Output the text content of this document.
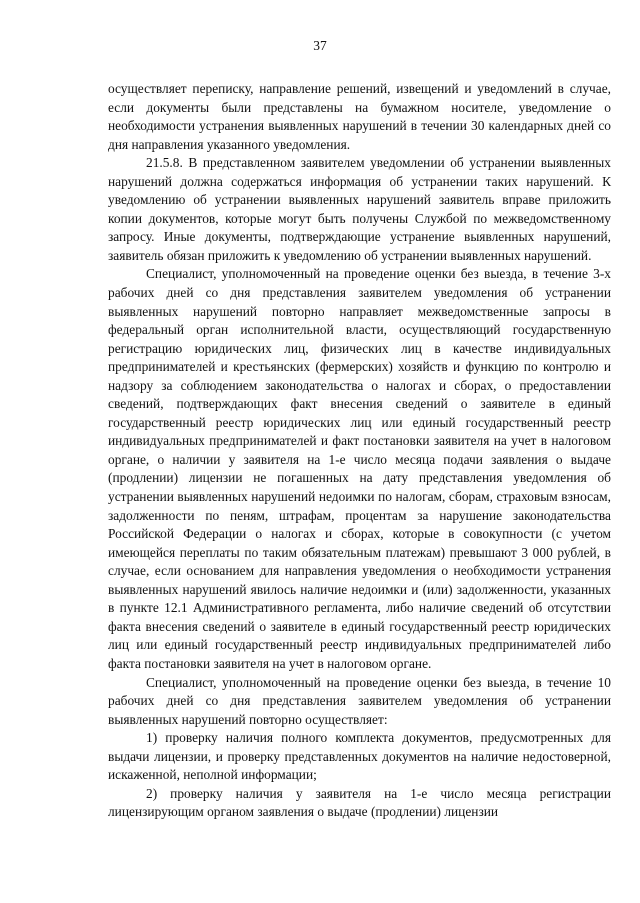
37

осуществляет переписку, направление решений, извещений и уведомлений в случае, если документы были представлены на бумажном носителе, уведомление о необходимости устранения выявленных нарушений в течении 30 календарных дней со дня направления указанного уведомления.

21.5.8. В представленном заявителем уведомлении об устранении выявленных нарушений должна содержаться информация об устранении таких нарушений. К уведомлению об устранении выявленных нарушений заявитель вправе приложить копии документов, которые могут быть получены Службой по межведомственному запросу. Иные документы, подтверждающие устранение выявленных нарушений, заявитель обязан приложить к уведомлению об устранении выявленных нарушений.

Специалист, уполномоченный на проведение оценки без выезда, в течение 3-х рабочих дней со дня представления заявителем уведомления об устранении выявленных нарушений повторно направляет межведомственные запросы в федеральный орган исполнительной власти, осуществляющий государственную регистрацию юридических лиц, физических лиц в качестве индивидуальных предпринимателей и крестьянских (фермерских) хозяйств и функцию по контролю и надзору за соблюдением законодательства о налогах и сборах, о предоставлении сведений, подтверждающих факт внесения сведений о заявителе в единый государственный реестр юридических лиц или единый государственный реестр индивидуальных предпринимателей и факт постановки заявителя на учет в налоговом органе, о наличии у заявителя на 1-е число месяца подачи заявления о выдаче (продлении) лицензии не погашенных на дату представления уведомления об устранении выявленных нарушений недоимки по налогам, сборам, страховым взносам, задолженности по пеням, штрафам, процентам за нарушение законодательства Российской Федерации о налогах и сборах, которые в совокупности (с учетом имеющейся переплаты по таким обязательным платежам) превышают 3 000 рублей, в случае, если основанием для направления уведомления о необходимости устранения выявленных нарушений явилось наличие недоимки и (или) задолженности, указанных в пункте 12.1 Административного регламента, либо наличие сведений об отсутствии факта внесения сведений о заявителе в единый государственный реестр юридических лиц или единый государственный реестр индивидуальных предпринимателей либо факта постановки заявителя на учет в налоговом органе.

Специалист, уполномоченный на проведение оценки без выезда, в течение 10 рабочих дней со дня представления заявителем уведомления об устранении выявленных нарушений повторно осуществляет:

1) проверку наличия полного комплекта документов, предусмотренных для выдачи лицензии, и проверку представленных документов на наличие недостоверной, искаженной, неполной информации;

2) проверку наличия у заявителя на 1-е число месяца регистрации лицензирующим органом заявления о выдаче (продлении) лицензии
